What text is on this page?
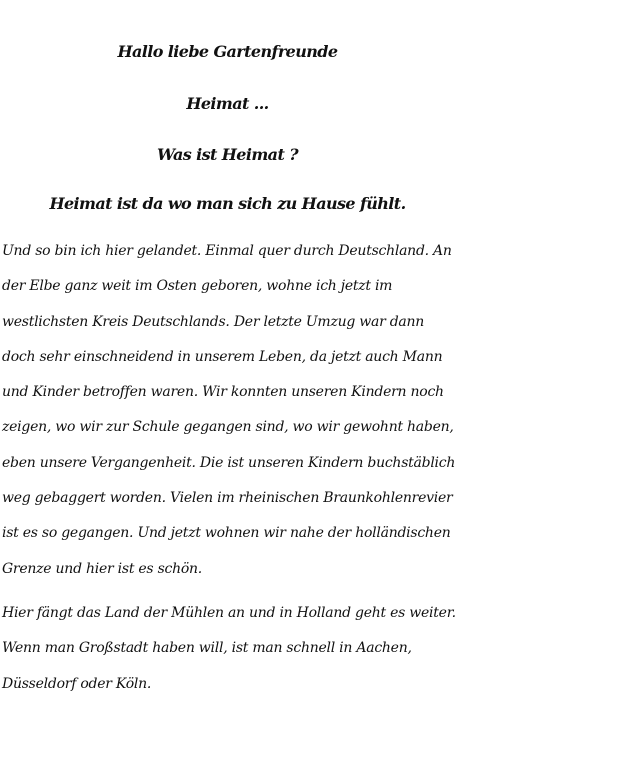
Hallo liebe Gartenfreunde
Heimat ...
Was ist Heimat ?
Heimat ist da wo man sich zu Hause fühlt.

Und so bin ich hier gelandet. Einmal quer durch Deutschland. An
der Elbe ganz weit im Osten geboren, wohne ich jetzt im
westlichsten Kreis Deutschlands. Der letzte Umzug war dann
doch sehr einschneidend in unserem Leben, da jetzt auch Mann
und Kinder betroffen waren. Wir konnten unseren Kindern noch
zeigen, wo wir zur Schule gegangen sind, wo wir gewohnt haben,
eben unsere Vergangenheit. Die ist unseren Kindern buchstäblich
weg gebaggert worden. Vielen im rheinischen Braunkohlenrevier
ist es so gegangen. Und jetzt wohnen wir nahe der holländischen
Grenze und hier ist es schön.

Hier fängt das Land der Mühlen an und in Holland geht es weiter.
Wenn man Großstadt haben will, ist man schnell in Aachen,
Düsseldorf oder Köln.
